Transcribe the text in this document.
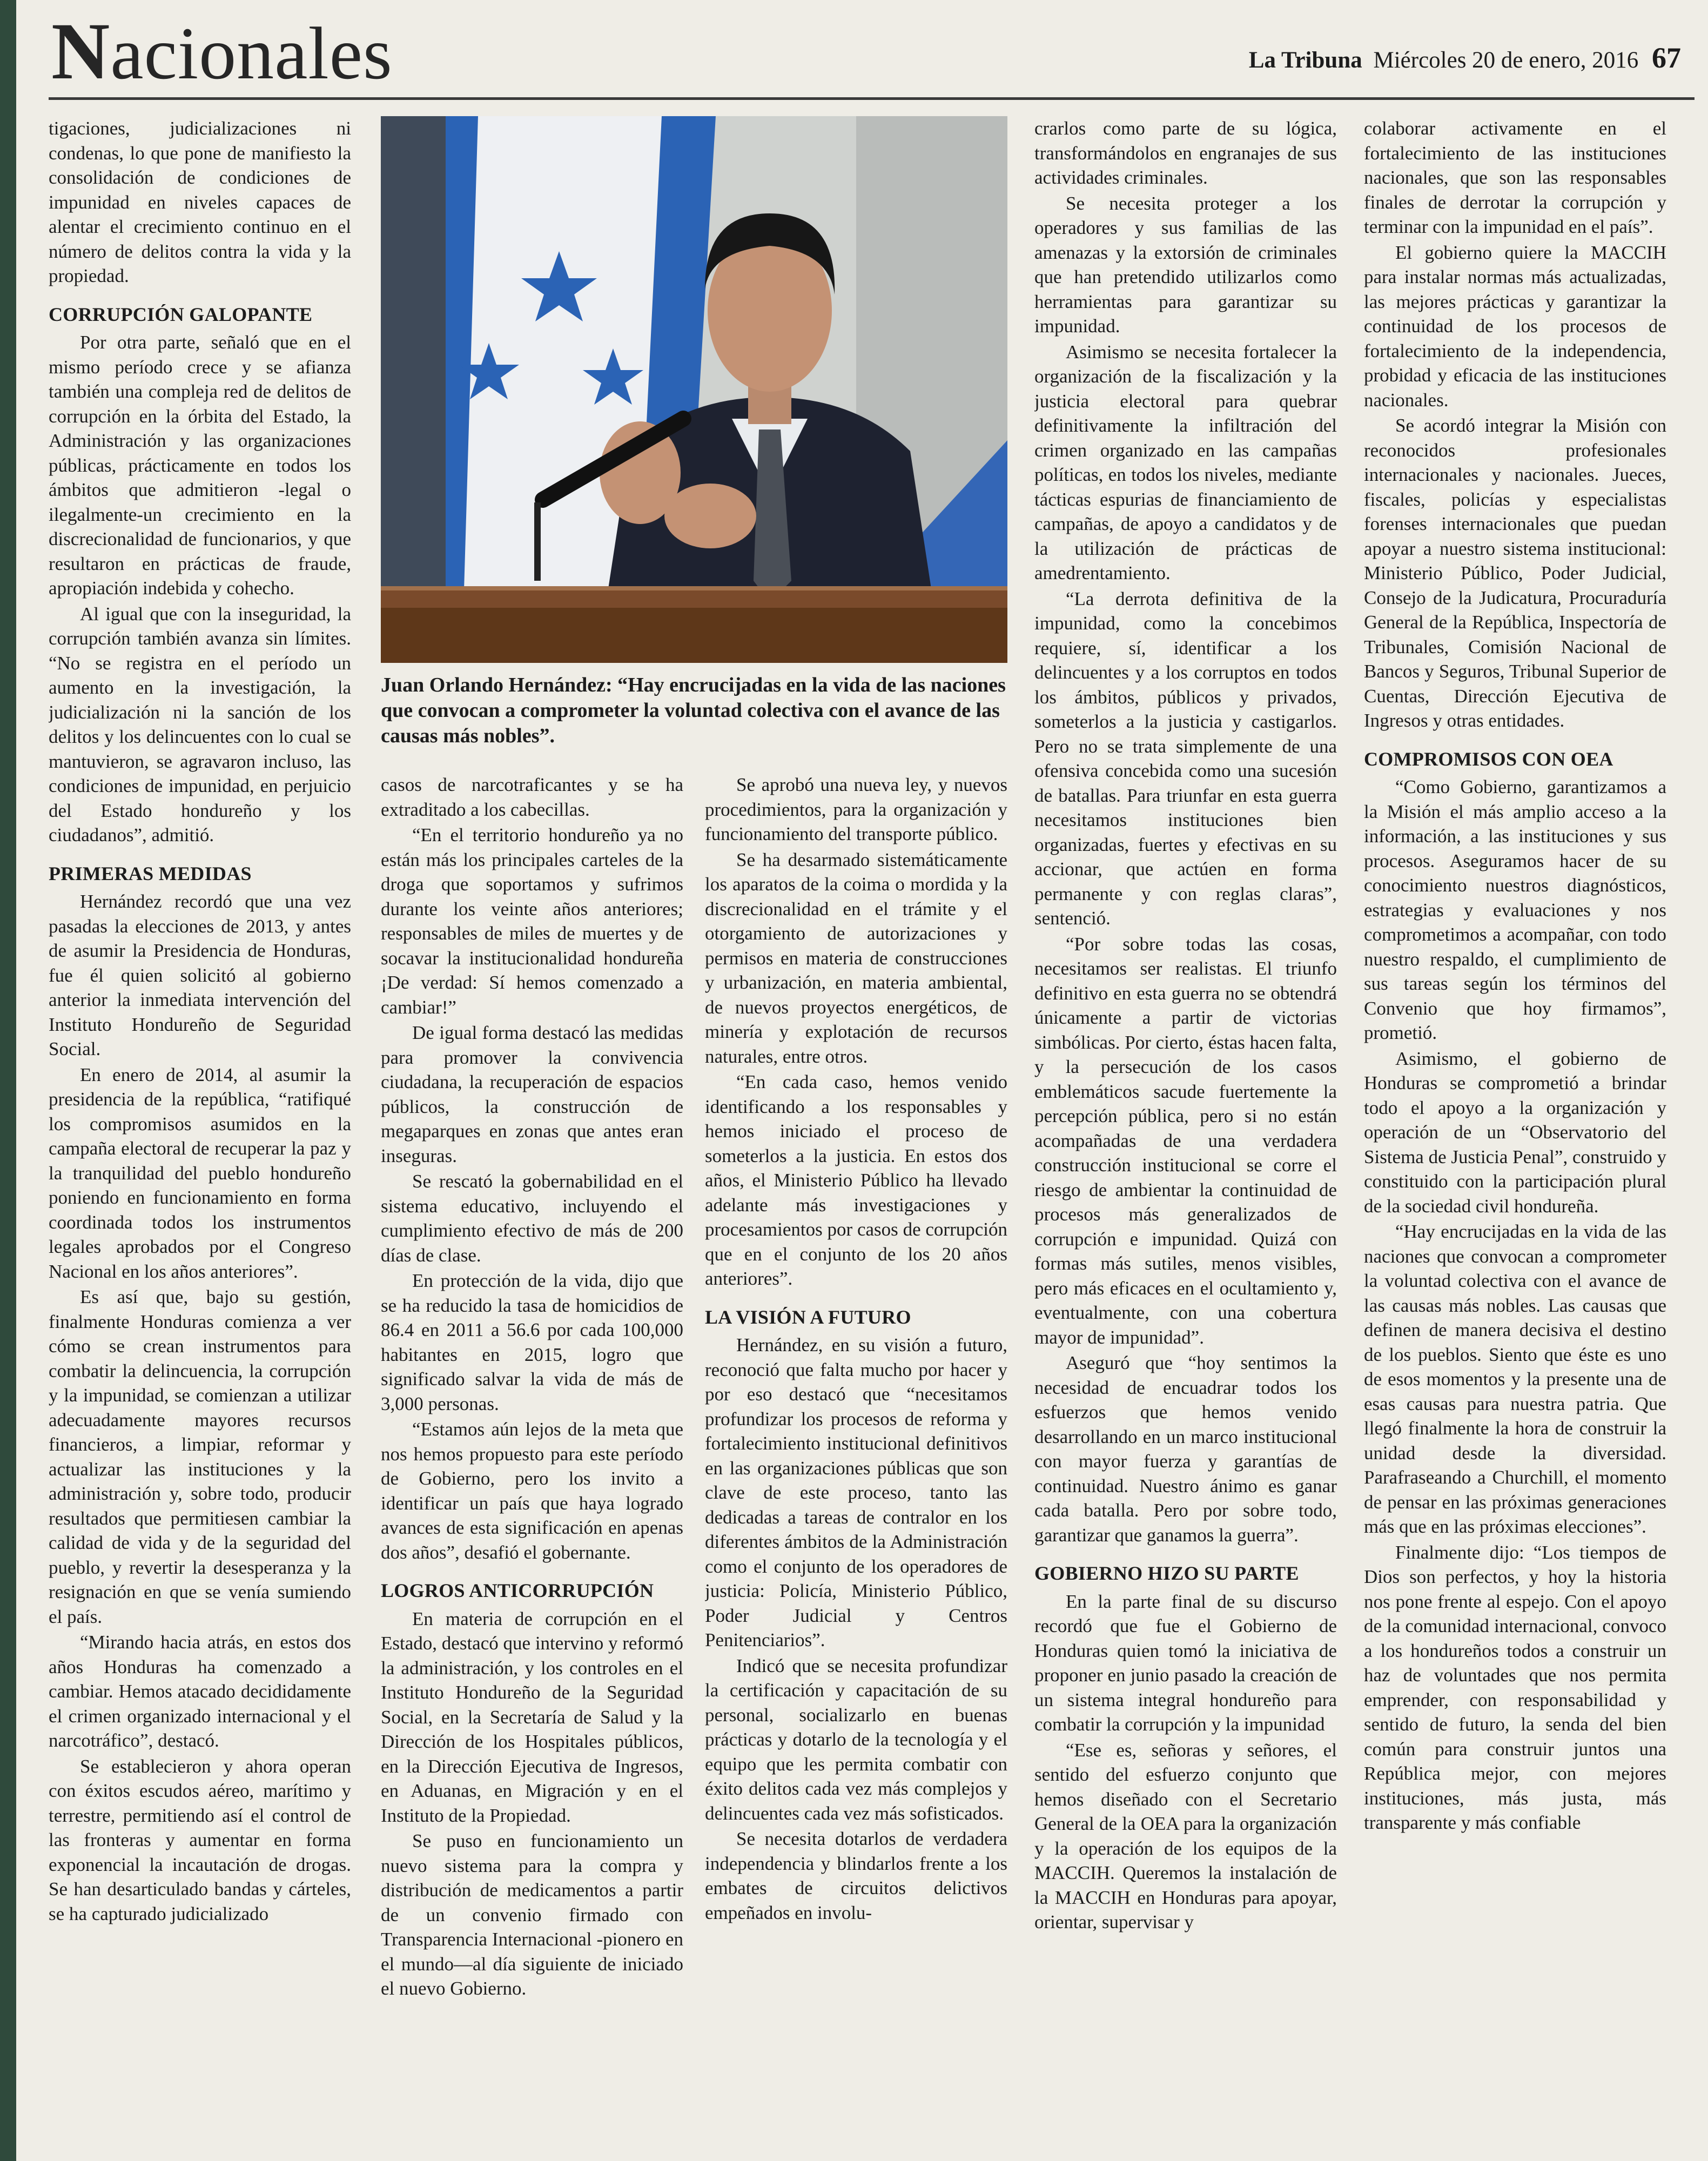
Nacionales	La Tribuna Miércoles 20 de enero, 2016 67

tigaciones, judicializaciones ni condenas, lo que pone de manifiesto la consolidación de condiciones de impunidad en niveles capaces de alentar el crecimiento continuo en el número de delitos contra la vida y la propiedad.

CORRUPCIÓN GALOPANTE

Por otra parte, señaló que en el mismo período crece y se afianza también una compleja red de delitos de corrupción en la órbita del Estado, la Administración y las organizaciones públicas, prácticamente en todos los ámbitos que admitieron -legal o ilegalmente-un crecimiento en la discrecionalidad de funcionarios, y que resultaron en prácticas de fraude, apropiación indebida y cohecho.

Al igual que con la inseguridad, la corrupción también avanza sin límites. “No se registra en el período un aumento en la investigación, la judicialización ni la sanción de los delitos y los delincuentes con lo cual se mantuvieron, se agravaron incluso, las condiciones de impunidad, en perjuicio del Estado hondureño y los ciudadanos”, admitió.

PRIMERAS MEDIDAS

Hernández recordó que una vez pasadas la elecciones de 2013, y antes de asumir la Presidencia de Honduras, fue él quien solicitó al gobierno anterior la inmediata intervención del Instituto Hondureño de Seguridad Social.

En enero de 2014, al asumir la presidencia de la república, “ratifiqué los compromisos asumidos en la campaña electoral de recuperar la paz y la tranquilidad del pueblo hondureño poniendo en funcionamiento en forma coordinada todos los instrumentos legales aprobados por el Congreso Nacional en los años anteriores”.

Es así que, bajo su gestión, finalmente Honduras comienza a ver cómo se crean instrumentos para combatir la delincuencia, la corrupción y la impunidad, se comienzan a utilizar adecuadamente mayores recursos financieros, a limpiar, reformar y actualizar las instituciones y la administración y, sobre todo, producir resultados que permitiesen cambiar la calidad de vida y de la seguridad del pueblo, y revertir la desesperanza y la resignación en que se venía sumiendo el país.

“Mirando hacia atrás, en estos dos años Honduras ha comenzado a cambiar. Hemos atacado decididamente el crimen organizado internacional y el narcotráfico”, destacó.

Se establecieron y ahora operan con éxitos escudos aéreo, marítimo y terrestre, permitiendo así el control de las fronteras y aumentar en forma exponencial la incautación de drogas. Se han desarticulado bandas y cárteles, se ha capturado judicializado

Juan Orlando Hernández: “Hay encrucijadas en la vida de las naciones que convocan a comprometer la voluntad colectiva con el avance de las causas más nobles”.

casos de narcotraficantes y se ha extraditado a los cabecillas.

“En el territorio hondureño ya no están más los principales carteles de la droga que soportamos y sufrimos durante los veinte años anteriores; responsables de miles de muertes y de socavar la institucionalidad hondureña ¡De verdad: Sí hemos comenzado a cambiar!”

De igual forma destacó las medidas para promover la convivencia ciudadana, la recuperación de espacios públicos, la construcción de megaparques en zonas que antes eran inseguras.

Se rescató la gobernabilidad en el sistema educativo, incluyendo el cumplimiento efectivo de más de 200 días de clase.

En protección de la vida, dijo que se ha reducido la tasa de homicidios de 86.4 en 2011 a 56.6 por cada 100,000 habitantes en 2015, logro que significado salvar la vida de más de 3,000 personas.

“Estamos aún lejos de la meta que nos hemos propuesto para este período de Gobierno, pero los invito a identificar un país que haya logrado avances de esta significación en apenas dos años”, desafió el gobernante.

LOGROS ANTICORRUPCIÓN

En materia de corrupción en el Estado, destacó que intervino y reformó la administración, y los controles en el Instituto Hondureño de la Seguridad Social, en la Secretaría de Salud y la Dirección de los Hospitales públicos, en la Dirección Ejecutiva de Ingresos, en Aduanas, en Migración y en el Instituto de la Propiedad.

Se puso en funcionamiento un nuevo sistema para la compra y distribución de medicamentos a partir de un convenio firmado con Transparencia Internacional -pionero en el mundo—al día siguiente de iniciado el nuevo Gobierno.

Se aprobó una nueva ley, y nuevos procedimientos, para la organización y funcionamiento del transporte público.

Se ha desarmado sistemáticamente los aparatos de la coima o mordida y la discrecionalidad en el trámite y el otorgamiento de autorizaciones y permisos en materia de construcciones y urbanización, en materia ambiental, de nuevos proyectos energéticos, de minería y explotación de recursos naturales, entre otros.

“En cada caso, hemos venido identificando a los responsables y hemos iniciado el proceso de someterlos a la justicia. En estos dos años, el Ministerio Público ha llevado adelante más investigaciones y procesamientos por casos de corrupción que en el conjunto de los 20 años anteriores”.

LA VISIÓN A FUTURO

Hernández, en su visión a futuro, reconoció que falta mucho por hacer y por eso destacó que “necesitamos profundizar los procesos de reforma y fortalecimiento institucional definitivos en las organizaciones públicas que son clave de este proceso, tanto las dedicadas a tareas de contralor en los diferentes ámbitos de la Administración como el conjunto de los operadores de justicia: Policía, Ministerio Público, Poder Judicial y Centros Penitenciarios”.

Indicó que se necesita profundizar la certificación y capacitación de su personal, socializarlo en buenas prácticas y dotarlo de la tecnología y el equipo que les permita combatir con éxito delitos cada vez más complejos y delincuentes cada vez más sofisticados.

Se necesita dotarlos de verdadera independencia y blindarlos frente a los embates de circuitos delictivos empeñados en involu-

crarlos como parte de su lógica, transformándolos en engranajes de sus actividades criminales.

Se necesita proteger a los operadores y sus familias de las amenazas y la extorsión de criminales que han pretendido utilizarlos como herramientas para garantizar su impunidad.

Asimismo se necesita fortalecer la organización de la fiscalización y la justicia electoral para quebrar definitivamente la infiltración del crimen organizado en las campañas políticas, en todos los niveles, mediante tácticas espurias de financiamiento de campañas, de apoyo a candidatos y de la utilización de prácticas de amedrentamiento.

“La derrota definitiva de la impunidad, como la concebimos requiere, sí, identificar a los delincuentes y a los corruptos en todos los ámbitos, públicos y privados, someterlos a la justicia y castigarlos. Pero no se trata simplemente de una ofensiva concebida como una sucesión de batallas. Para triunfar en esta guerra necesitamos instituciones bien organizadas, fuertes y efectivas en su accionar, que actúen en forma permanente y con reglas claras”, sentenció.

“Por sobre todas las cosas, necesitamos ser realistas. El triunfo definitivo en esta guerra no se obtendrá únicamente a partir de victorias simbólicas. Por cierto, éstas hacen falta, y la persecución de los casos emblemáticos sacude fuertemente la percepción pública, pero si no están acompañadas de una verdadera construcción institucional se corre el riesgo de ambientar la continuidad de procesos más generalizados de corrupción e impunidad. Quizá con formas más sutiles, menos visibles, pero más eficaces en el ocultamiento y, eventualmente, con una cobertura mayor de impunidad”.

Aseguró que “hoy sentimos la necesidad de encuadrar todos los esfuerzos que hemos venido desarrollando en un marco institucional con mayor fuerza y garantías de continuidad. Nuestro ánimo es ganar cada batalla. Pero por sobre todo, garantizar que ganamos la guerra”.

GOBIERNO HIZO SU PARTE

En la parte final de su discurso recordó que fue el Gobierno de Honduras quien tomó la iniciativa de proponer en junio pasado la creación de un sistema integral hondureño para combatir la corrupción y la impunidad

“Ese es, señoras y señores, el sentido del esfuerzo conjunto que hemos diseñado con el Secretario General de la OEA para la organización y la operación de los equipos de la MACCIH. Queremos la instalación de la MACCIH en Honduras para apoyar, orientar, supervisar y

colaborar activamente en el fortalecimiento de las instituciones nacionales, que son las responsables finales de derrotar la corrupción y terminar con la impunidad en el país”.

El gobierno quiere la MACCIH para instalar normas más actualizadas, las mejores prácticas y garantizar la continuidad de los procesos de fortalecimiento de la independencia, probidad y eficacia de las instituciones nacionales.

Se acordó integrar la Misión con reconocidos profesionales internacionales y nacionales. Jueces, fiscales, policías y especialistas forenses internacionales que puedan apoyar a nuestro sistema institucional: Ministerio Público, Poder Judicial, Consejo de la Judicatura, Procuraduría General de la República, Inspectoría de Tribunales, Comisión Nacional de Bancos y Seguros, Tribunal Superior de Cuentas, Dirección Ejecutiva de Ingresos y otras entidades.

COMPROMISOS CON OEA

“Como Gobierno, garantizamos a la Misión el más amplio acceso a la información, a las instituciones y sus procesos. Aseguramos hacer de su conocimiento nuestros diagnósticos, estrategias y evaluaciones y nos comprometimos a acompañar, con todo nuestro respaldo, el cumplimiento de sus tareas según los términos del Convenio que hoy firmamos”, prometió.

Asimismo, el gobierno de Honduras se comprometió a brindar todo el apoyo a la organización y operación de un “Observatorio del Sistema de Justicia Penal”, construido y constituido con la participación plural de la sociedad civil hondureña.

“Hay encrucijadas en la vida de las naciones que convocan a comprometer la voluntad colectiva con el avance de las causas más nobles. Las causas que definen de manera decisiva el destino de los pueblos. Siento que éste es uno de esos momentos y la presente una de esas causas para nuestra patria. Que llegó finalmente la hora de construir la unidad desde la diversidad. Parafraseando a Churchill, el momento de pensar en las próximas generaciones más que en las próximas elecciones”.

Finalmente dijo: “Los tiempos de Dios son perfectos, y hoy la historia nos pone frente al espejo. Con el apoyo de la comunidad internacional, convoco a los hondureños todos a construir un haz de voluntades que nos permita emprender, con responsabilidad y sentido de futuro, la senda del bien común para construir juntos una República mejor, con mejores instituciones, más justa, más transparente y más confiable
